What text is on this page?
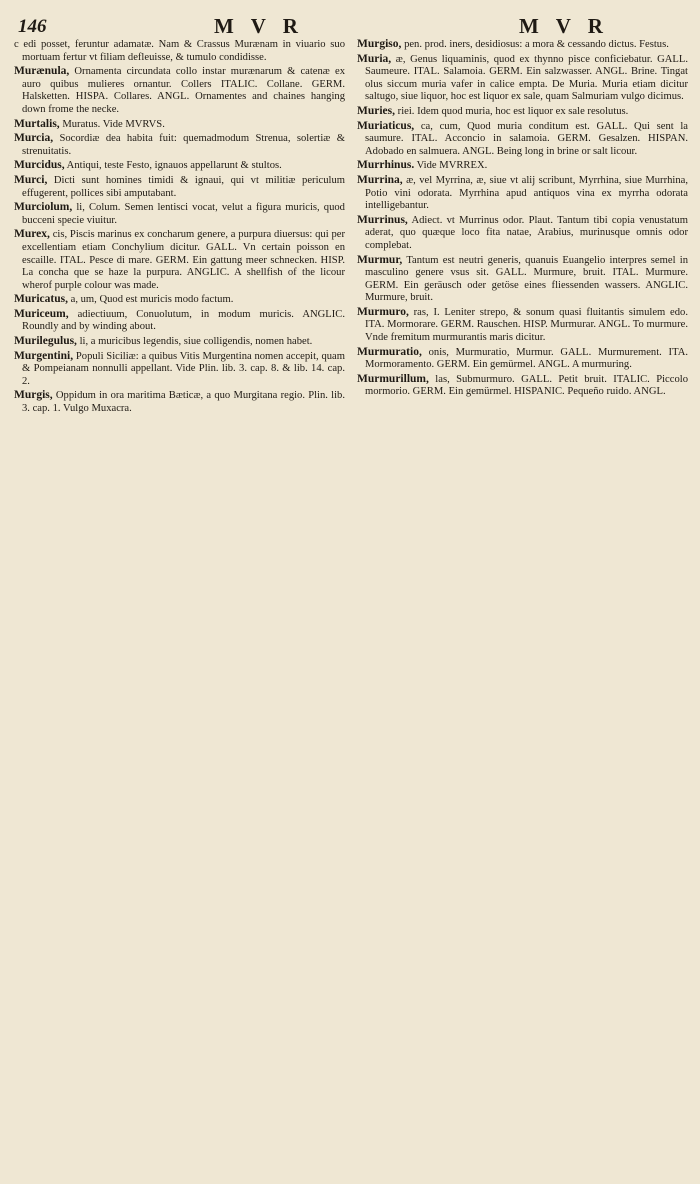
146	M V R	M V R

c edi posset, feruntur adamatæ. Nam & Crassus Murænam in viuario suo mortuam fertur vt filiam defleuisse, & tumulo condidisse.

Murænula, Ornamenta circundata collo instar murænarum & catenæ ex auro quibus mulieres ornantur. Collers ITALIC. Collane. GERM. Halsketten. HISPA. Collares. ANGL. Ornamentes and chaines hanging down frome the necke.

Murtalis, Muratus. Vide MVRVS.

Murcia, Socordiæ dea habita fuit: quemadmodum Strenua, solertiæ & strenuitatis.

Murcidus, Antiqui, teste Festo, ignauos appellarunt & stultos.

Murci, Dicti sunt homines timidi & ignaui, qui vt militiæ periculum effugerent, pollices sibi amputabant.

Murciolum, li, Colum. Semen lentisci vocat, velut a figura muricis, quod bucceni specie viuitur.

Murex, cis, Piscis marinus ex concharum genere, a purpura diuersus: qui per excellentiam etiam Conchylium dicitur. GALL. Vn certain poisson en escaille. ITAL. Pesce di mare. GERM. Ein gattung meer schnecken. HISP. La concha que se haze la purpura. ANGLIC. A shellfish of the licour wherof purple colour was made.

Muricatus, a, um, Quod est muricis modo factum.

Muriceum, adiectiuum, Conuolutum, in modum muricis. ANGLIC. Roundly and by winding about.

Murilegulus, li, a muricibus legendis, siue colligendis, nomen habet.

Murgentini, Populi Siciliæ: a quibus Vitis Murgentina nomen accepit, quam & Pompeianam nonnulli appellant. Vide Plin. lib. 3. cap. 8. & lib. 14. cap. 2.

Murgis, Oppidum in ora maritima Bæticæ, a quo Murgitana regio. Plin. lib. 3. cap. 1. Vulgo Muxacra.

Murgiso, pen. prod. iners, desidiosus: a mora & cessando dictus. Festus.

Muria, æ, Genus liquaminis, quod ex thynno pisce conficiebatur. GALL. Saumeure. ITAL. Salamoia. GERM. Ein salzwasser. ANGL. Brine. Tingat olus siccum muria vafer in calice empta. De Muria. Muria etiam dicitur saltugo, siue liquor, hoc est liquor ex sale, quam Salmuriam vulgo dicimus.

Muries, riei. Idem quod muria, hoc est liquor ex sale resolutus.

Muriaticus, ca, cum, Quod muria conditum est. GALL. Qui sent la saumure. ITAL. Acconcio in salamoia. GERM. Gesalzen. HISPAN. Adobado en salmuera. ANGL. Being long in brine or salt licour.

Murrhinus. Vide MVRREX.

Murrina, æ, vel Myrrina, æ, siue vt alij scribunt, Myrrhina, siue Murrhina, Potio vini odorata. Myrrhina apud antiquos vina ex myrrha odorata intelligebantur.

Murrinus, Adiect. vt Murrinus odor. Plaut. Tantum tibi copia venustatum aderat, quo quæque loco fita natae, Arabius, murinusque omnis odor complebat.

Murmur, Tantum est neutri generis, quanuis Euangelio interpres semel in masculino genere vsus sit. GALL. Murmure, bruit. ITAL. Murmure. GERM. Ein geräusch oder getöse eines fliessenden wassers. ANGLIC. Murmure, bruit.

Murmuro, ras, I. Leniter strepo, & sonum quasi fluitantis simulem edo. ITA. Mormorare. GERM. Rauschen. HISP. Murmurar. ANGL. To murmure. Vnde fremitum murmurantis maris dicitur.

Murmuratio, onis, Murmuratio, Murmur. GALL. Murmurement. ITA. Mormoramento. GERM. Ein gemürmel. ANGL. A murmuring.

Murmurillum, las, Submurmuro. GALL. Petit bruit. ITALIC. Piccolo mormorio. GERM. Ein gemürmel. HISPANIC. Pequeño ruido. ANGL.
